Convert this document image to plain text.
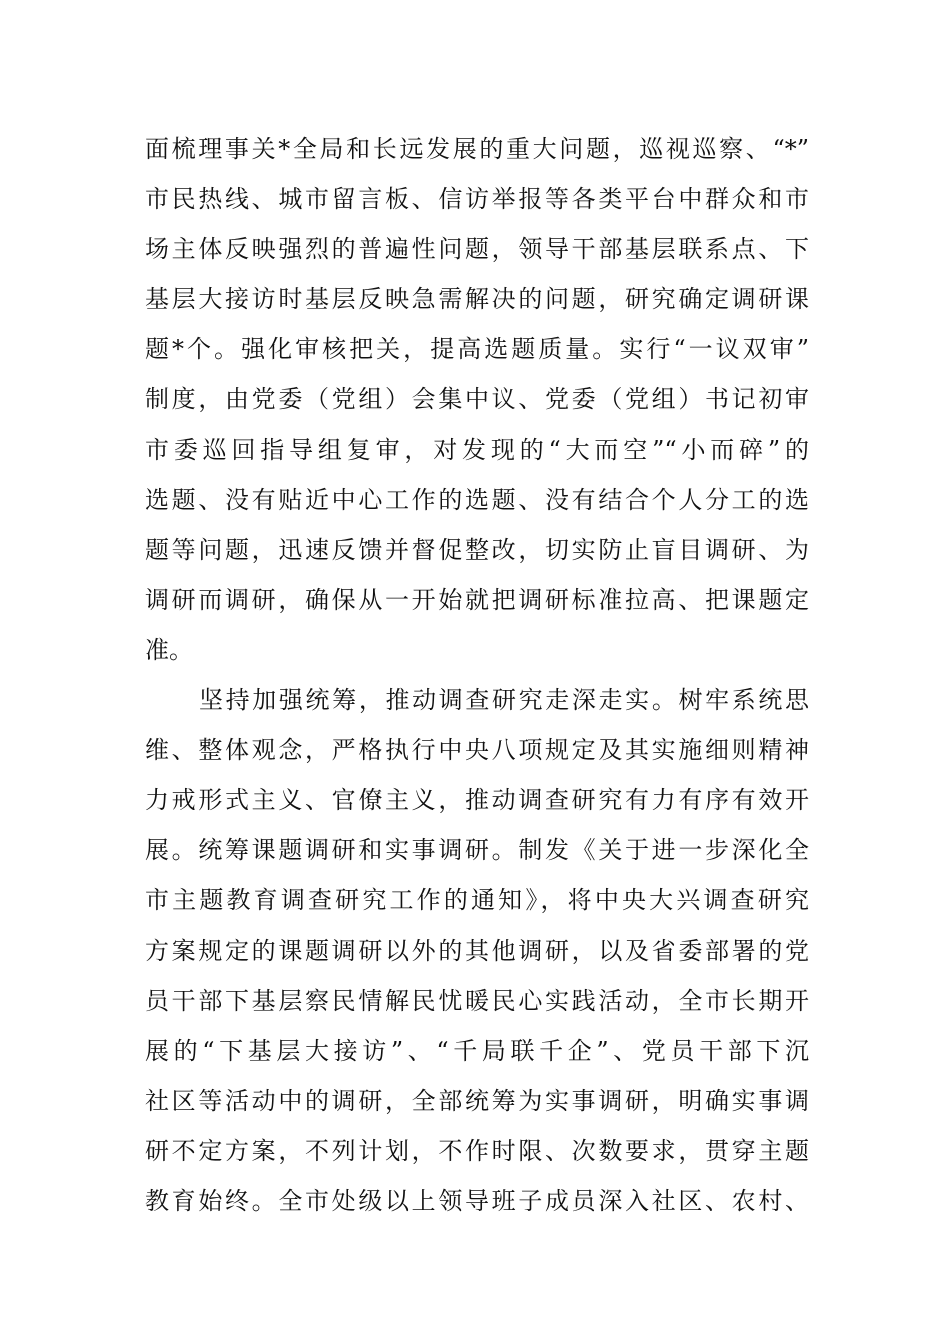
面梳理事关*全局和长远发展的重大问题，巡视巡察、“*”
市民热线、城市留言板、信访举报等各类平台中群众和市
场主体反映强烈的普遍性问题，领导干部基层联系点、下
基层大接访时基层反映急需解决的问题，研究确定调研课
题*个。强化审核把关，提高选题质量。实行“一议双审”
制度，由党委（党组）会集中议、党委（党组）书记初审
市委巡回指导组复审，对发现的“大而空”“小而碎”的
选题、没有贴近中心工作的选题、没有结合个人分工的选
题等问题，迅速反馈并督促整改，切实防止盲目调研、为
调研而调研，确保从一开始就把调研标准拉高、把课题定
准。
坚持加强统筹，推动调查研究走深走实。树牢系统思
维、整体观念，严格执行中央八项规定及其实施细则精神
力戒形式主义、官僚主义，推动调查研究有力有序有效开
展。统筹课题调研和实事调研。制发《关于进一步深化全
市主题教育调查研究工作的通知》，将中央大兴调查研究
方案规定的课题调研以外的其他调研，以及省委部署的党
员干部下基层察民情解民忧暖民心实践活动，全市长期开
展的“下基层大接访”、“千局联千企”、党员干部下沉
社区等活动中的调研，全部统筹为实事调研，明确实事调
研不定方案，不列计划，不作时限、次数要求，贯穿主题
教育始终。全市处级以上领导班子成员深入社区、农村、
